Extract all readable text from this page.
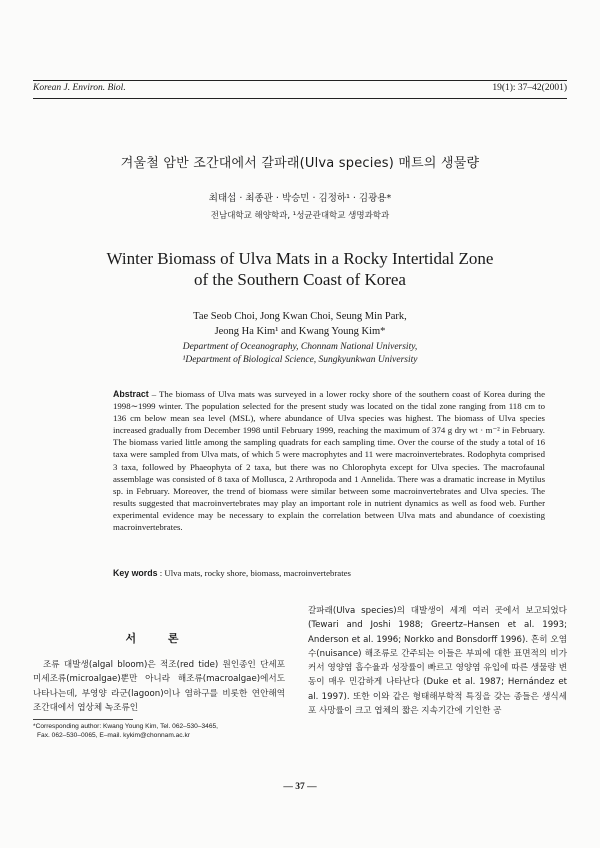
Korean J. Environ. Biol.	19(1): 37–42(2001)
겨울철 암반 조간대에서 갈파래(Ulva species) 매트의 생물량
최태섭 · 최종관 · 박승민 · 김정하¹ · 김광용*
전남대학교 해양학과, ¹성균관대학교 생명과학과
Winter Biomass of Ulva Mats in a Rocky Intertidal Zone
of the Southern Coast of Korea
Tae Seob Choi, Jong Kwan Choi, Seung Min Park,
Jeong Ha Kim¹ and Kwang Young Kim*
Department of Oceanography, Chonnam National University,
¹Department of Biological Science, Sungkyunkwan University
Abstract – The biomass of Ulva mats was surveyed in a lower rocky shore of the southern coast of Korea during the 1998∼1999 winter. The population selected for the present study was located on the tidal zone ranging from 118 cm to 136 cm below mean sea level (MSL), where abundance of Ulva species was highest. The biomass of Ulva species increased gradually from December 1998 until February 1999, reaching the maximum of 374 g dry wt · m⁻² in February. The biomass varied little among the sampling quadrats for each sampling time. Over the course of the study a total of 16 taxa were sampled from Ulva mats, of which 5 were macrophytes and 11 were macroinvertebrates. Rodophyta comprised 3 taxa, followed by Phaeophyta of 2 taxa, but there was no Chlorophyta except for Ulva species. The macrofaunal assemblage was consisted of 8 taxa of Mollusca, 2 Arthropoda and 1 Annelida. There was a dramatic increase in Mytilus sp. in February. Moreover, the trend of biomass were similar between some macroinvertebrates and Ulva species. The results suggested that macroinvertebrates may play an important role in nutrient dynamics as well as food web. Further experimental evidence may be necessary to explain the correlation between Ulva mats and abundance of coexisting macroinvertebrates.
Key words : Ulva mats, rocky shore, biomass, macroinvertebrates
서 론
조류 대발생(algal bloom)은 적조(red tide) 원인종인 단세포 미세조류(microalgae)뿐만 아니라 해조류(macroalgae)에서도 나타나는데, 부영양 라군(lagoon)이나 염하구를 비롯한 연안해역 조간대에서 엽상체 녹조류인
갈파래(Ulva species)의 대발생이 세계 여러 곳에서 보고되었다(Tewari and Joshi 1988; Greertz–Hansen et al. 1993; Anderson et al. 1996; Norkko and Bonsdorff 1996). 흔히 오염수(nuisance) 해조류로 간주되는 이들은 부피에 대한 표면적의 비가 커서 영양염 흡수율과 성장률이 빠르고 영양염 유입에 따른 생물량 변동이 매우 민감하게 나타난다 (Duke et al. 1987; Hernández et al. 1997). 또한 이와 같은 형태해부학적 특징을 갖는 종들은 생식세포 사망률이 크고 엽체의 짧은 지속기간에 기인한 공
*Corresponding author: Kwang Young Kim, Tel. 062–530–3465,
Fax. 062–530–0065, E–mail. kykim@chonnam.ac.kr
— 37 —
